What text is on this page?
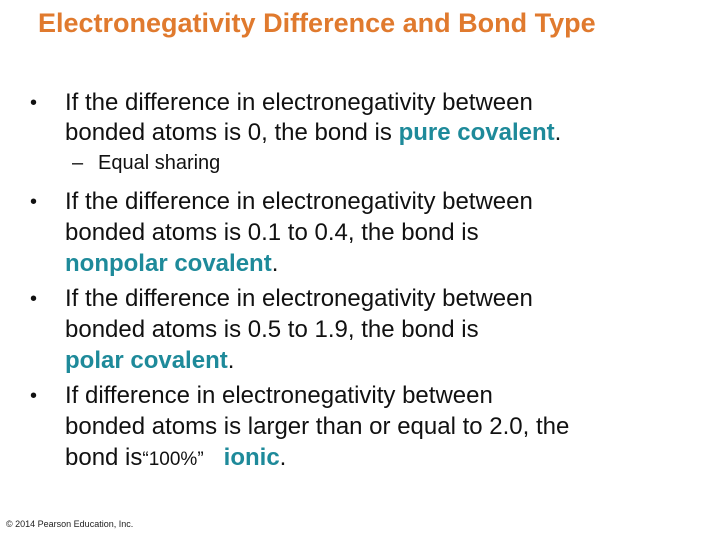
Electronegativity Difference and Bond Type
•	If the difference in electronegativity between
bonded atoms is 0, the bond is pure covalent.
– Equal sharing
•	If the difference in electronegativity between
bonded atoms is 0.1 to 0.4, the bond is
nonpolar covalent.
•	If the difference in electronegativity between
bonded atoms is 0.5 to 1.9, the bond is
polar covalent.
•	If difference in electronegativity between
bonded atoms is larger than or equal to 2.0, the
bond is“100%” ionic.
© 2014 Pearson Education, Inc.
